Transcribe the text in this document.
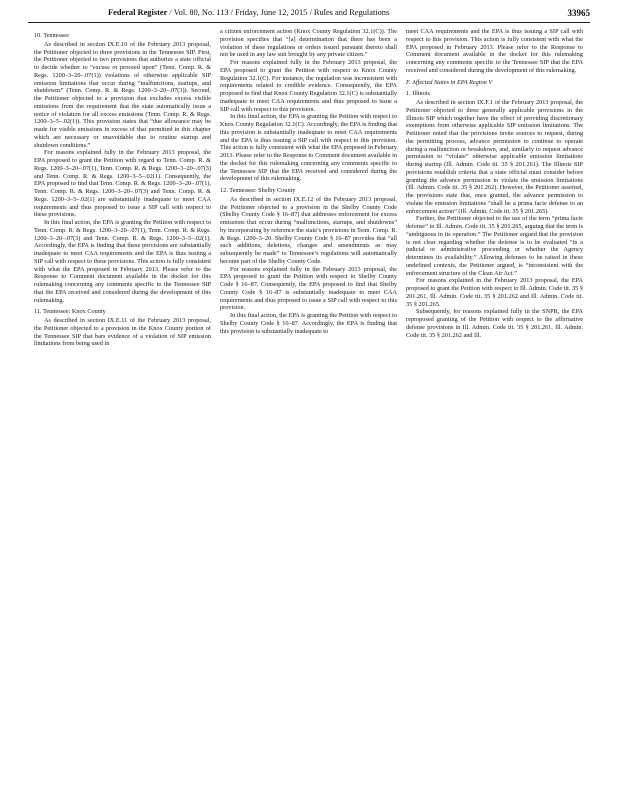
Federal Register / Vol. 80, No. 113 / Friday, June 12, 2015 / Rules and Regulations	33965

10. Tennessee

As described in section IX.E.10 of the February 2013 proposal, the Petitioner objected to three provisions in the Tennessee SIP. First, the Petitioner objected to two provisions that authorize a state official to decide whether to “excuse or proceed upon” (Tenn. Comp. R. & Regs. 1200–3–20–.07(1)) violations of otherwise applicable SIP emission limitations that occur during “malfunctions, startups, and shutdowns” (Tenn. Comp. R. & Regs. 1200–3–20–.07(3)). Second, the Petitioner objected to a provision that excludes excess visible emissions from the requirement that the state automatically issue a notice of violation for all excess emissions (Tenn. Comp. R. & Regs. 1200–3–5–.02(1)). This provision states that “due allowance may be made for visible emissions in excess of that permitted in this chapter which are necessary or unavoidable due to routine startup and shutdown conditions.”

For reasons explained fully in the February 2013 proposal, the EPA proposed to grant the Petition with regard to Tenn. Comp. R. & Regs. 1200–3–20–.07(1), Tenn. Comp. R. & Regs. 1200–3–20–.07(3) and Tenn. Comp. R. & Regs. 1200–3–5–.02(1). Consequently, the EPA proposed to find that Tenn. Comp. R. & Regs. 1200–3–20–.07(1), Tenn. Comp. R. & Regs. 1200–3–20–.07(3) and Tenn. Comp. R. & Regs. 1200–3–5–.02(1) are substantially inadequate to meet CAA requirements and thus proposed to issue a SIP call with respect to these provisions.

In this final action, the EPA is granting the Petition with respect to Tenn. Comp. R. & Regs. 1200–3–20–.07(1), Tenn. Comp. R. & Regs. 1200–3–20–.07(3) and Tenn. Comp. R. & Regs. 1200–3–5–.02(1). Accordingly, the EPA is finding that these provisions are substantially inadequate to meet CAA requirements and the EPA is thus issuing a SIP call with respect to these provisions. This action is fully consistent with what the EPA proposed in February 2013. Please refer to the Response to Comment document available in the docket for this rulemaking concerning any comments specific to the Tennessee SIP that the EPA received and considered during the development of this rulemaking.

11. Tennessee: Knox County

As described in section IX.E.11 of the February 2013 proposal, the Petitioner objected to a provision in the Knox County portion of the Tennessee SIP that bars evidence of a violation of SIP emission limitations from being used in

a citizen enforcement action (Knox County Regulation 32.1(C)). The provision specifies that “[a] determination that there has been a violation of these regulations or orders issued pursuant thereto shall not be used in any law suit brought by any private citizen.”

For reasons explained fully in the February 2013 proposal, the EPA proposed to grant the Petition with respect to Knox County Regulation 32.1(C). For instance, the regulation was inconsistent with requirements related to credible evidence. Consequently, the EPA proposed to find that Knox County Regulation 32.1(C) is substantially inadequate to meet CAA requirements and thus proposed to issue a SIP call with respect to this provision.

In this final action, the EPA is granting the Petition with respect to Knox County Regulation 32.1(C). Accordingly, the EPA is finding that this provision is substantially inadequate to meet CAA requirements and the EPA is thus issuing a SIP call with respect to this provision. This action is fully consistent with what the EPA proposed in February 2013. Please refer to the Response to Comment document available in the docket for this rulemaking concerning any comments specific to the Tennessee SIP that the EPA received and considered during the development of this rulemaking.

12. Tennessee: Shelby County

As described in section IX.E.12 of the February 2013 proposal, the Petitioner objected to a provision in the Shelby County Code (Shelby County Code § 16–87) that addresses enforcement for excess emissions that occur during “malfunctions, startups, and shutdowns” by incorporating by reference the state’s provisions in Tenn. Comp. R. & Regs. 1200–3–20. Shelby County Code § 16–87 provides that “all such additions, deletions, changes and amendments as may subsequently be made” to Tennessee’s regulations will automatically become part of the Shelby County Code.

For reasons explained fully in the February 2013 proposal, the EPA proposed to grant the Petition with respect to Shelby County Code § 16–87. Consequently, the EPA proposed to find that Shelby County Code § 16–87 is substantially inadequate to meet CAA requirements and thus proposed to issue a SIP call with respect to this provision.

In this final action, the EPA is granting the Petition with respect to Shelby County Code § 16–87. Accordingly, the EPA is finding that this provision is substantially inadequate to

meet CAA requirements and the EPA is thus issuing a SIP call with respect to this provision. This action is fully consistent with what the EPA proposed in February 2013. Please refer to the Response to Comment document available in the docket for this rulemaking concerning any comments specific to the Tennessee SIP that the EPA received and considered during the development of this rulemaking.

F. Affected States in EPA Region V

1. Illinois

As described in section IX.F.1 of the February 2013 proposal, the Petitioner objected to three generally applicable provisions in the Illinois SIP which together have the effect of providing discretionary exemptions from otherwise applicable SIP emission limitations. The Petitioner noted that the provisions invite sources to request, during the permitting process, advance permission to continue to operate during a malfunction or breakdown, and, similarly to request advance permission to “violate” otherwise applicable emission limitations during startup (Ill. Admin. Code tit. 35 § 201.261). The Illinois SIP provisions establish criteria that a state official must consider before granting the advance permission to violate the emission limitations (Ill. Admin. Code tit. 35 § 201.262). However, the Petitioner asserted, the provisions state that, once granted, the advance permission to violate the emission limitations “shall be a prima facie defense to an enforcement action” (Ill. Admin. Code tit. 35 § 201.265).

Further, the Petitioner objected to the use of the term “prima facie defense” in Ill. Admin. Code tit. 35 § 201.265, arguing that the term is “ambiguous in its operation.” The Petitioner argued that the provision is not clear regarding whether the defense is to be evaluated “in a judicial or administrative proceeding or whether the Agency determines its availability.” Allowing defenses to be raised in these undefined contexts, the Petitioner argued, is “inconsistent with the enforcement structure of the Clean Air Act.”

For reasons explained in the February 2013 proposal, the EPA proposed to grant the Petition with respect to Ill. Admin. Code tit. 35 § 201.261, Ill. Admin. Code tit. 35 § 201.262 and Ill. Admin. Code tit. 35 § 201.265.

Subsequently, for reasons explained fully in the SNPR, the EPA reproposed granting of the Petition with respect to the affirmative defense provisions in Ill. Admin. Code tit. 35 § 201.261, Ill. Admin. Code tit. 35 § 201.262 and Ill.
